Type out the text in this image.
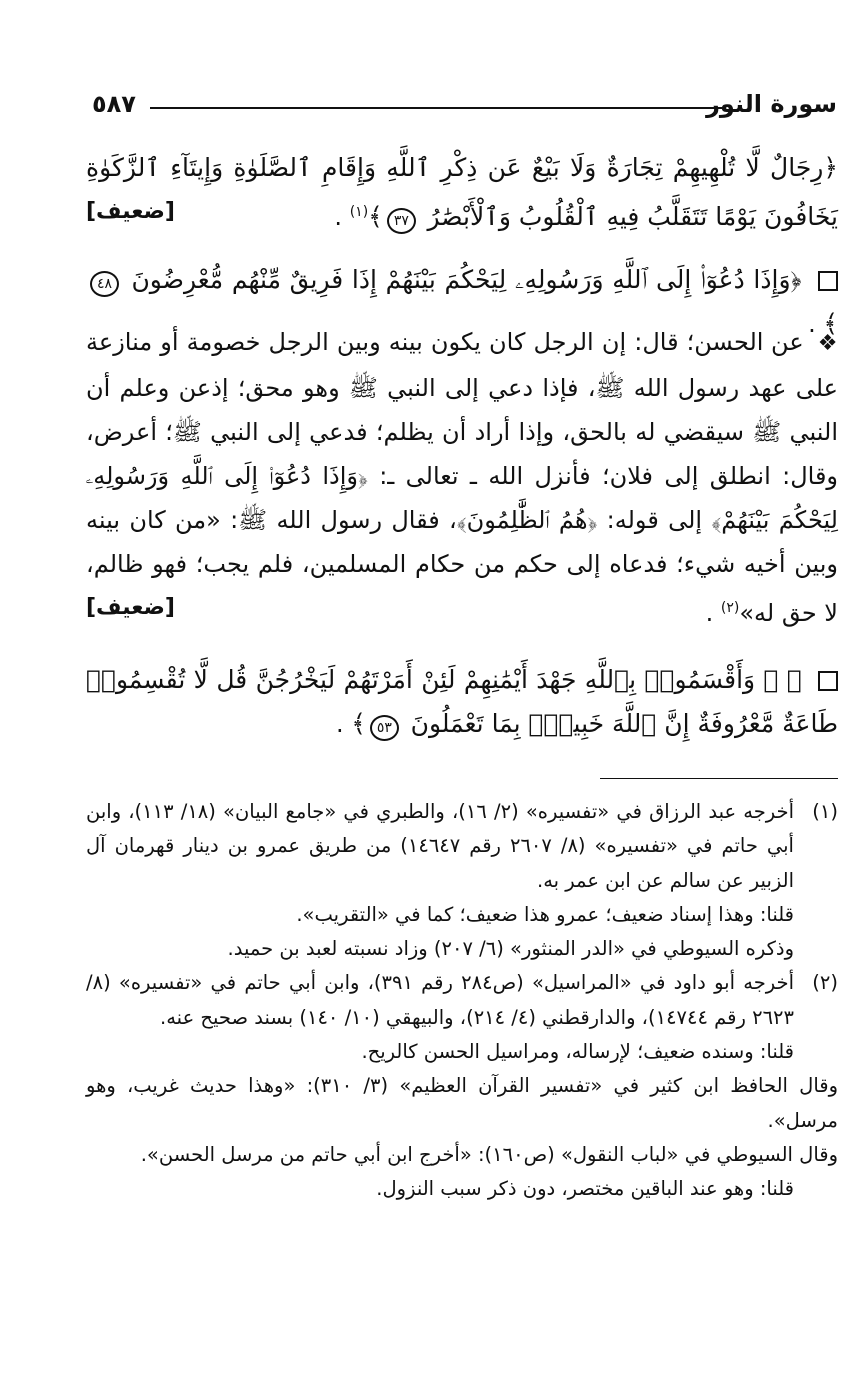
سورة النور
٥٨٧
﴿رِجَالٌ لَّا تُلْهِيهِمْ تِجَارَةٌ وَلَا بَيْعٌ عَن ذِكْرِ ٱللَّهِ وَإِقَامِ ٱلصَّلَوٰةِ وَإِيتَآءِ ٱلزَّكَوٰةِ يَخَافُونَ يَوْمًا تَتَقَلَّبُ فِيهِ ٱلْقُلُوبُ وَٱلْأَبْصَٰرُ ٣٧﴾$^{(١)}$ .
[ضعيف]
﴿وَإِذَا دُعُوٓا۟ إِلَى ٱللَّهِ وَرَسُولِهِۦ لِيَحْكُمَ بَيْنَهُمْ إِذَا فَرِيقٌ مِّنْهُم مُّعْرِضُونَ ٤٨﴾ .
❖ عن الحسن؛ قال: إن الرجل كان يكون بينه وبين الرجل خصومة أو منازعة على عهد رسول الله ﷺ، فإذا دعي إلى النبي ﷺ وهو محق؛ إذعن وعلم أن النبي ﷺ سيقضي له بالحق، وإذا أراد أن يظلم؛ فدعي إلى النبي ﷺ؛ أعرض، وقال: انطلق إلى فلان؛ فأنزل الله ـ تعالى ـ: ﴿وَإِذَا دُعُوٓا۟ إِلَى ٱللَّهِ وَرَسُولِهِۦ لِيَحْكُمَ بَيْنَهُمْ﴾ إلى قوله: ﴿هُمُ ٱلظَّٰلِمُونَ﴾، فقال رسول الله ﷺ: «من كان بينه وبين أخيه شيء؛ فدعاه إلى حكم من حكام المسلمين، فلم يجب؛ فهو ظالم، لا حق له»$^{(٢)}$ .
[ضعيف]
﴿ ۞ وَأَقْسَمُوا۟ بِٱللَّهِ جَهْدَ أَيْمَٰنِهِمْ لَئِنْ أَمَرْتَهُمْ لَيَخْرُجُنَّ قُل لَّا تُقْسِمُوا۟ طَاعَةٌ مَّعْرُوفَةٌ إِنَّ ٱللَّهَ خَبِيرٌۢ بِمَا تَعْمَلُونَ ٥٣﴾ .
(١)

أخرجه عبد الرزاق في «تفسيره» (٢/ ١٦)، والطبري في «جامع البيان» (١٨/ ١١٣)، وابن أبي حاتم في «تفسيره» (٨/ ٢٦٠٧ رقم ١٤٦٤٧) من طريق عمرو بن دينار قهرمان آل الزبير عن سالم عن ابن عمر به.

قلنا: وهذا إسناد ضعيف؛ عمرو هذا ضعيف؛ كما في «التقريب».

وذكره السيوطي في «الدر المنثور» (٦/ ٢٠٧) وزاد نسبته لعبد بن حميد.

(٢)

أخرجه أبو داود في «المراسيل» (ص٢٨٤ رقم ٣٩١)، وابن أبي حاتم في «تفسيره» (٨/ ٢٦٢٣ رقم ١٤٧٤٤)، والدارقطني (٤/ ٢١٤)، والبيهقي (١٠/ ١٤٠) بسند صحيح عنه.

قلنا: وسنده ضعيف؛ لإرساله، ومراسيل الحسن كالريح.

وقال الحافظ ابن كثير في «تفسير القرآن العظيم» (٣/ ٣١٠): «وهذا حديث غريب، وهو مرسل».

وقال السيوطي في «لباب النقول» (ص١٦٠): «أخرج ابن أبي حاتم من مرسل الحسن».

قلنا: وهو عند الباقين مختصر، دون ذكر سبب النزول.
